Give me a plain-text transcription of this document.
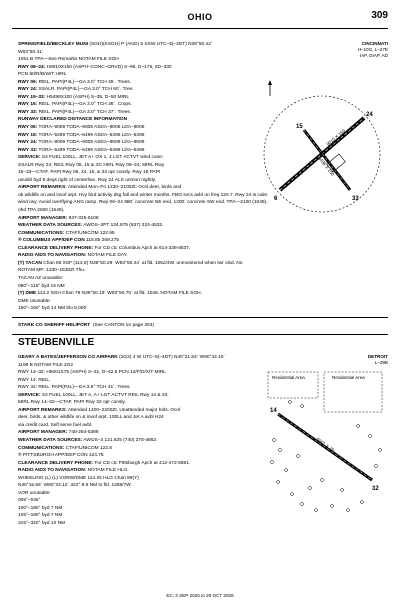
OHIO	309
SPRINGFIELD/BECKLEY MUNI (SGH)(KSGH) P (ANG) 5 SSW UTC–5(–4DT) N39°50.42´
W83°50.41´
1051 B TPA—See Remarks NOTAM FILE SGH
RWY 06–24: H9010X150 (ASPH–CONC–GRVD) S–66, D–175, 2D–330
PCN 60/R/B/W/T HIRL
RWY 06: REIL. PAPI(P4L)—GA 3.0° TCH 45´. Trees.
RWY 24: SSALR. PAPI(P4L)—GA 3.0° TCH 60´. Tree.
RWY 15–33: H5498X100 (ASPH) S–35, D–50 MIRL
RWY 15: REIL. PAPI(P4L)—GA 3.0° TCH 36´. Crops.
RWY 33: REIL. PAPI(P4L)—GA 3.0° TCH 37´. Trees.
RUNWAY DECLARED DISTANCE INFORMATION
RWY 06: TORA–9009 TODA–9009 ASDA–9009 LDA–9009
RWY 15: TORA–5499 TODA–5499 ASDA–5499 LDA–5499
RWY 24: TORA–9009 TODA–9009 ASDA–9009 LDA–9009
RWY 33: TORA–5499 TODA–5499 ASDA–5499 LDA–5499
SERVICE: S4 FUEL 100LL, JET A+ OX 1, 4 LGT ACTVT wind cone;
SSALR Rwy 24; REIL Rwy 06, 15 & 33; HIRL Rwy 06–24; MIRL Rwy
15–33—CTAF. PAPI Rwy 06, 24, 15, & 33 opr consly. Rwy 15 PAPI
unusbl byd 9 degs right of centerline. Rwy 24 ALS unmon nightly.
AIRPORT REMARKS: Attended Mon–Fri 1230–2100Zt. Ocnl deer, birds and
ob wildlife on and invof arpt. Hvy bird activity dsg fall and winter months. FBO svcs avbl on freq 120.7. Rwy 24 is calm
wind rwy. Avoid overflying ANG ramp. Rwy 06–24 980´ concrete NE end, 1200´ concrete SW end. TPA—2100 (1049),
ohd TPA 2600 (1549).
AIRPORT MANAGER: 937-325-6108
WEATHER DATA SOURCES: AWOS–3PT 134.975 (937) 324-4532.
COMMUNICATIONS: CTAF/UNICOM 122.95
® COLUMBUS APP/DEP CON 118.85 269.275
CLEARANCE DELIVERY PHONE: For CD ctc Columbus Apch at 614-338-8537.
RADIO AIDS TO NAVIGATION: NOTAM FILE DAY.
(T) TACAN Chan 65 XSF (113.8) N39°50.29´ W83°50.44´ at fld. 1052/4W. unmonitored when twr clsd. No
NOTAM MP: 1330–1530Zt Thu.
TACAN AZ unusable:
090°–115° byd 15 NM
(T) DME 113.2 SGH Chan 79 N39°50.19´ W83°50.70´ at fld. 1046. NOTAM FILE SGH.
DME unusable:
150°–160° byd 14 NM blo 5,000´
CINCINNATI
H–10G, L–27E
IAP, DIAP, AD
6
24
15
33
9010 X 150
5498 X 100
STARK CO SHERIFF HELIPORT (See CANTON on page 263)
STEUBENVILLE
GEARY A BATES/JEFFERSON CO AIRPARK (2G2) 4 W UTC–5(–4DT) N40°21.64´ W80°42.10´
1198 B NOTAM FILE 2G2
RWY 14–32: H5001X75 (ASPH) S–31, D–42.5 PCN 12/F/D/X/T MIRL
RWY 14: REIL.
RWY 32: REIL. PAPI(P4L)—GA 3.6° TCH 41´. Trees.
SERVICE: S2 FUEL 100LL, JET A, A+ LGT ACTVT REIL Rwy 14 & 32;
MIRL Rwy 14–32—CTAF. PAPI Rwy 32 opr consly.
AIRPORT REMARKS: Attended 1400–2200Zt. Unattended major hols. Ocnl
deer, birds, & other wildlife on & invof arpt. 100LL and Jet A avbl H24
via credit card. Self serve fuel avbl.
AIRPORT MANAGER: 740-264-5388
WEATHER DATA SOURCES: AWOS–3 121.625 (740) 275-4862.
COMMUNICATIONS: CTAF/UNICOM 122.8
® PITTSBURGH APP/DEP CON 124.75
CLEARANCE DELIVERY PHONE: For CD ctc Pittsburgh Apch at 412-472-5591.
RADIO AIDS TO NAVIGATION: NOTAM FILE HLG.
WHEELING (L) (L) VORW/DME 114.25 HLG Chan 89(Y)
N40°15.59´ W80°34.12´ 322° 8.6 NM to fld. 1269/7W.
VOR unusable:
005°–045°
100°–180° byd 7 NM
105°–190° byd 7 NM
315°–320° byd 10 NM
DETROIT
L–29B
Residential Area	Residential Area
14
32
5001 X 75
EC, 3 SEP 2026 to 29 OCT 2026
